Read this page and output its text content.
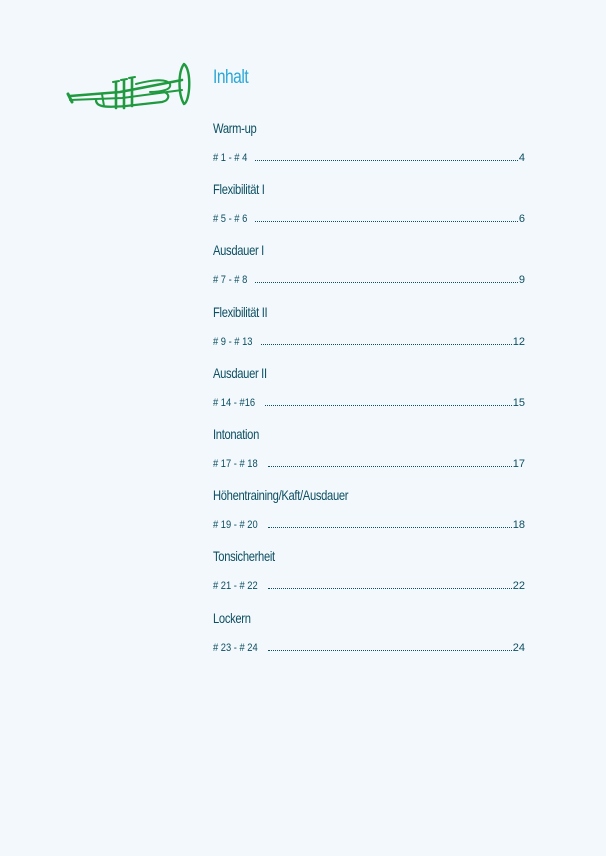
Inhalt
Warm-up
# 1 - # 4	4
Flexibilität I
# 5 - # 6	6
Ausdauer I
# 7 - # 8	9
Flexibilität II
# 9 - # 13	12
Ausdauer II
# 14 - #16	15
Intonation
# 17 - # 18	17
Höhentraining/Kaft/Ausdauer
# 19 - # 20	18
Tonsicherheit
# 21 - # 22	22
Lockern
# 23 - # 24	24
